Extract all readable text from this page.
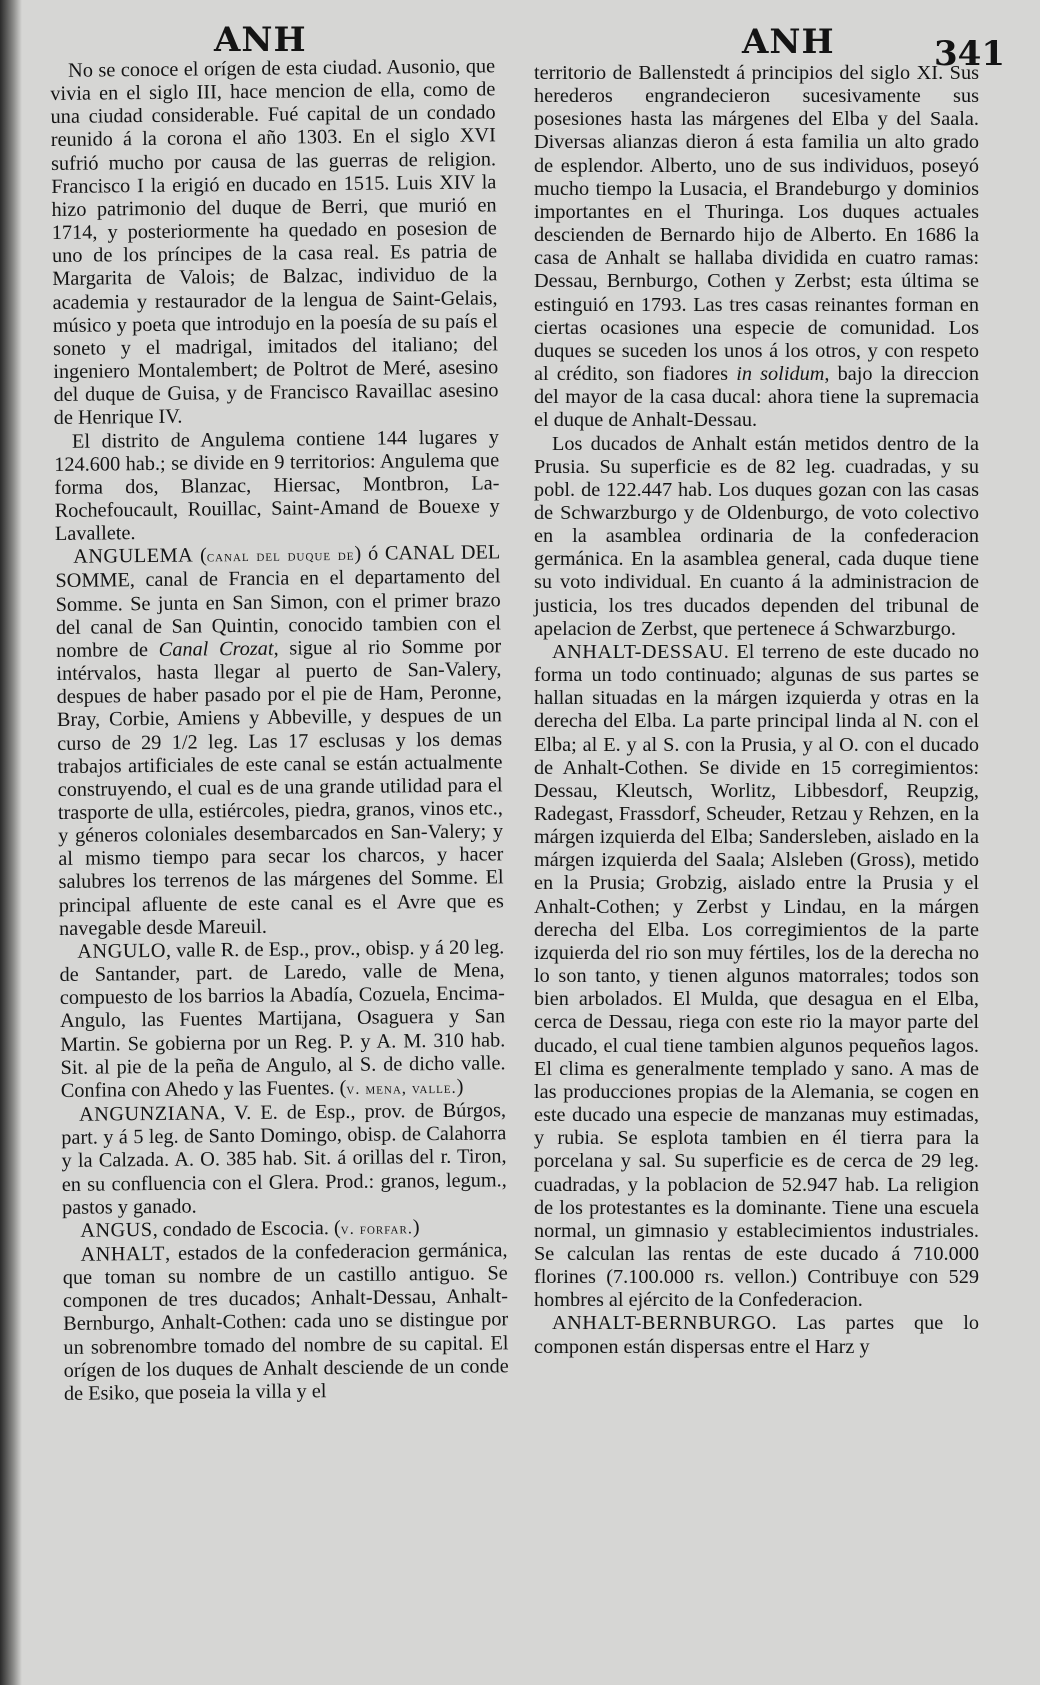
ANH	ANH	341

No se conoce el orígen de esta ciudad. Ausonio, que vivia en el siglo III, hace mencion de ella, como de una ciudad considerable. Fué capital de un condado reunido á la corona el año 1303. En el siglo XVI sufrió mucho por causa de las guerras de religion. Francisco I la erigió en ducado en 1515. Luis XIV la hizo patrimonio del duque de Berri, que murió en 1714, y posteriormente ha quedado en posesion de uno de los príncipes de la casa real. Es patria de Margarita de Valois; de Balzac, individuo de la academia y restaurador de la lengua de Saint-Gelais, músico y poeta que introdujo en la poesía de su país el soneto y el madrigal, imitados del italiano; del ingeniero Montalembert; de Poltrot de Meré, asesino del duque de Guisa, y de Francisco Ravaillac asesino de Henrique IV.

El distrito de Angulema contiene 144 lugares y 124.600 hab.; se divide en 9 territorios: Angulema que forma dos, Blanzac, Hiersac, Montbron, La-Rochefoucault, Rouillac, Saint-Amand de Bouexe y Lavallete.

ANGULEMA (canal del duque de) ó CANAL DEL SOMME, canal de Francia en el departamento del Somme. Se junta en San Simon, con el primer brazo del canal de San Quintin, conocido tambien con el nombre de Canal Crozat, sigue al rio Somme por intérvalos, hasta llegar al puerto de San-Valery, despues de haber pasado por el pie de Ham, Peronne, Bray, Corbie, Amiens y Abbeville, y despues de un curso de 29 1/2 leg. Las 17 esclusas y los demas trabajos artificiales de este canal se están actualmente construyendo, el cual es de una grande utilidad para el trasporte de ulla, estiércoles, piedra, granos, vinos etc., y géneros coloniales desembarcados en San-Valery; y al mismo tiempo para secar los charcos, y hacer salubres los terrenos de las márgenes del Somme. El principal afluente de este canal es el Avre que es navegable desde Mareuil.

ANGULO, valle R. de Esp., prov., obisp. y á 20 leg. de Santander, part. de Laredo, valle de Mena, compuesto de los barrios la Abadía, Cozuela, Encima-Angulo, las Fuentes Martijana, Osaguera y San Martin. Se gobierna por un Reg. P. y A. M. 310 hab. Sit. al pie de la peña de Angulo, al S. de dicho valle. Confina con Ahedo y las Fuentes. (v. mena, valle.)

ANGUNZIANA, V. E. de Esp., prov. de Búrgos, part. y á 5 leg. de Santo Domingo, obisp. de Calahorra y la Calzada. A. O. 385 hab. Sit. á orillas del r. Tiron, en su confluencia con el Glera. Prod.: granos, legum., pastos y ganado.

ANGUS, condado de Escocia. (v. forfar.)

ANHALT, estados de la confederacion germánica, que toman su nombre de un castillo antiguo. Se componen de tres ducados; Anhalt-Dessau, Anhalt-Bernburgo, Anhalt-Cothen: cada uno se distingue por un sobrenombre tomado del nombre de su capital. El orígen de los duques de Anhalt desciende de un conde de Esiko, que poseia la villa y el

territorio de Ballenstedt á principios del siglo XI. Sus herederos engrandecieron sucesivamente sus posesiones hasta las márgenes del Elba y del Saala. Diversas alianzas dieron á esta familia un alto grado de esplendor. Alberto, uno de sus individuos, poseyó mucho tiempo la Lusacia, el Brandeburgo y dominios importantes en el Thuringa. Los duques actuales descienden de Bernardo hijo de Alberto. En 1686 la casa de Anhalt se hallaba dividida en cuatro ramas: Dessau, Bernburgo, Cothen y Zerbst; esta última se estinguió en 1793. Las tres casas reinantes forman en ciertas ocasiones una especie de comunidad. Los duques se suceden los unos á los otros, y con respeto al crédito, son fiadores in solidum, bajo la direccion del mayor de la casa ducal: ahora tiene la supremacia el duque de Anhalt-Dessau.

Los ducados de Anhalt están metidos dentro de la Prusia. Su superficie es de 82 leg. cuadradas, y su pobl. de 122.447 hab. Los duques gozan con las casas de Schwarzburgo y de Oldenburgo, de voto colectivo en la asamblea ordinaria de la confederacion germánica. En la asamblea general, cada duque tiene su voto individual. En cuanto á la administracion de justicia, los tres ducados dependen del tribunal de apelacion de Zerbst, que pertenece á Schwarzburgo.

ANHALT-DESSAU. El terreno de este ducado no forma un todo continuado; algunas de sus partes se hallan situadas en la márgen izquierda y otras en la derecha del Elba. La parte principal linda al N. con el Elba; al E. y al S. con la Prusia, y al O. con el ducado de Anhalt-Cothen. Se divide en 15 corregimientos: Dessau, Kleutsch, Worlitz, Libbesdorf, Reupzig, Radegast, Frassdorf, Scheuder, Retzau y Rehzen, en la márgen izquierda del Elba; Sandersleben, aislado en la márgen izquierda del Saala; Alsleben (Gross), metido en la Prusia; Grobzig, aislado entre la Prusia y el Anhalt-Cothen; y Zerbst y Lindau, en la márgen derecha del Elba. Los corregimientos de la parte izquierda del rio son muy fértiles, los de la derecha no lo son tanto, y tienen algunos matorrales; todos son bien arbolados. El Mulda, que desagua en el Elba, cerca de Dessau, riega con este rio la mayor parte del ducado, el cual tiene tambien algunos pequeños lagos. El clima es generalmente templado y sano. A mas de las producciones propias de la Alemania, se cogen en este ducado una especie de manzanas muy estimadas, y rubia. Se esplota tambien en él tierra para la porcelana y sal. Su superficie es de cerca de 29 leg. cuadradas, y la poblacion de 52.947 hab. La religion de los protestantes es la dominante. Tiene una escuela normal, un gimnasio y establecimientos industriales. Se calculan las rentas de este ducado á 710.000 florines (7.100.000 rs. vellon.) Contribuye con 529 hombres al ejército de la Confederacion.

ANHALT-BERNBURGO. Las partes que lo componen están dispersas entre el Harz y
